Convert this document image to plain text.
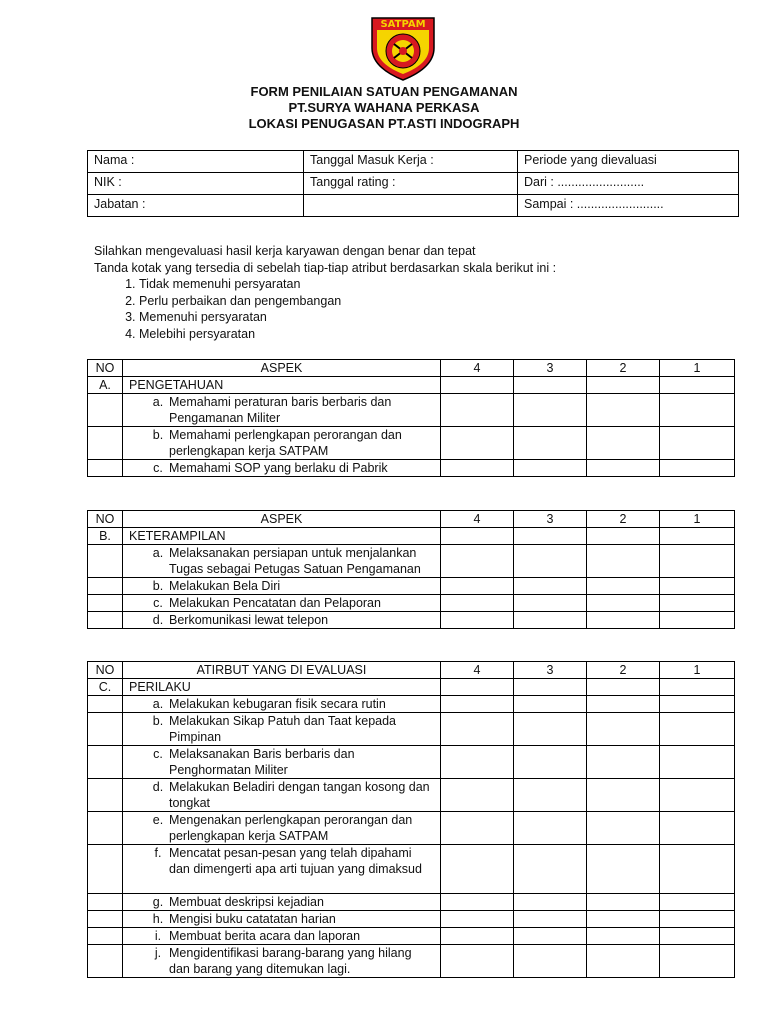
SATPAM
FORM PENILAIAN SATUAN PENGAMANAN
PT.SURYA WAHANA PERKASA
LOKASI PENUGASAN PT.ASTI INDOGRAPH
Nama :	Tanggal Masuk Kerja :	Periode yang dievaluasi
NIK :	Tanggal rating :	Dari : .........................
Jabatan :		Sampai : .........................
Silahkan mengevaluasi hasil kerja karyawan dengan benar dan tepat
Tanda kotak yang tersedia di sebelah tiap-tiap atribut berdasarkan skala berikut ini :
1. Tidak memenuhi persyaratan
2. Perlu perbaikan dan pengembangan
3. Memenuhi persyaratan
4. Melebihi persyaratan
NO	ASPEK	4	3	2	1
A.	PENGETAHUAN				

	a. Memahami peraturan baris berbaris dan Pengamanan Militer				

	b. Memahami perlengkapan perorangan dan perlengkapan kerja SATPAM				

	c. Memahami SOP yang berlaku di Pabrik				

NO	ASPEK	4	3	2	1
B.	KETERAMPILAN				

	a. Melaksanakan persiapan untuk menjalankan Tugas sebagai Petugas Satuan Pengamanan				

	b. Melakukan Bela Diri				

	c. Melakukan Pencatatan dan Pelaporan				

	d. Berkomunikasi lewat telepon				

NO	ATIRBUT YANG DI EVALUASI	4	3	2	1
C.	PERILAKU				

	a. Melakukan kebugaran fisik secara rutin				

	b. Melakukan Sikap Patuh dan Taat kepada Pimpinan				

	c. Melaksanakan Baris berbaris dan Penghormatan Militer				

	d. Melakukan Beladiri dengan tangan kosong dan tongkat				

	e. Mengenakan perlengkapan perorangan dan perlengkapan kerja SATPAM				

	f. Mencatat pesan-pesan yang telah dipahami dan dimengerti apa arti tujuan yang dimaksud				

	g. Membuat deskripsi kejadian				

	h. Mengisi buku catatatan harian				

	i. Membuat berita acara dan laporan				

	j. Mengidentifikasi barang-barang yang hilang dan barang yang ditemukan lagi.				
